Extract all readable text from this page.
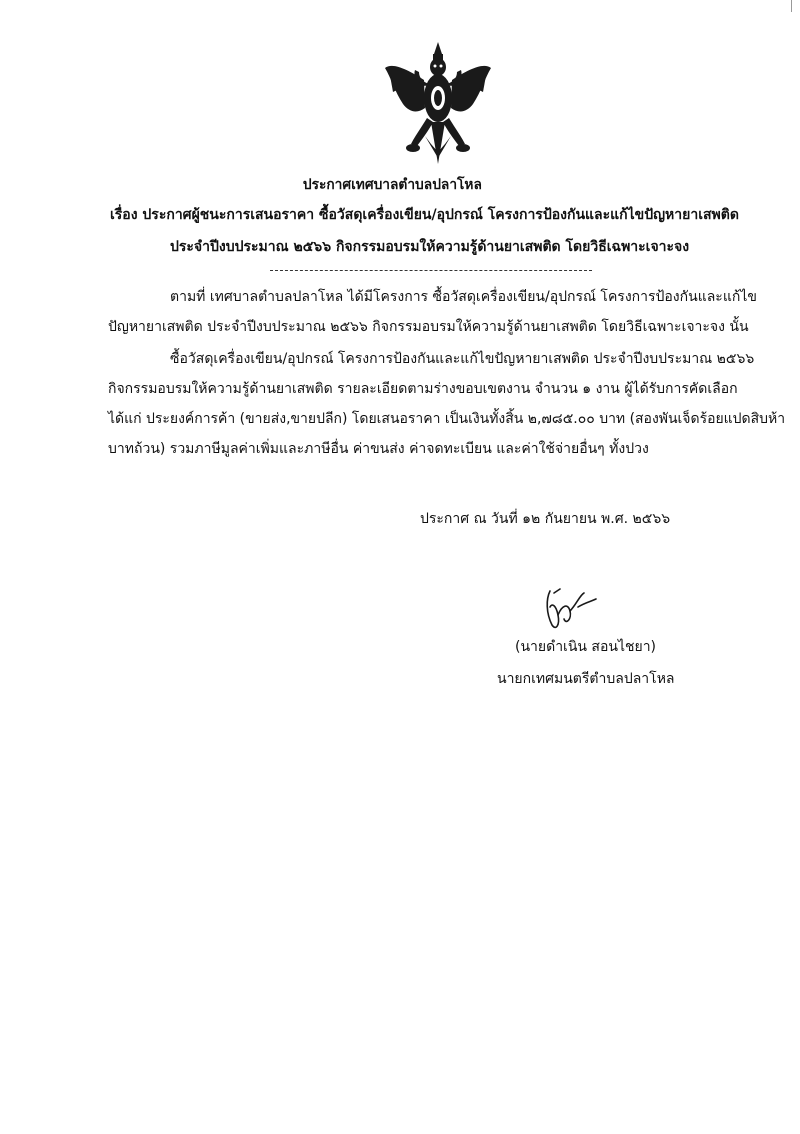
ประกาศเทศบาลตำบลปลาโหล
เรื่อง ประกาศผู้ชนะการเสนอราคา ซื้อวัสดุเครื่องเขียน/อุปกรณ์ โครงการป้องกันและแก้ไขปัญหายาเสพติด
ประจำปีงบประมาณ ๒๕๖๖ กิจกรรมอบรมให้ความรู้ด้านยาเสพติด โดยวิธีเฉพาะเจาะจง
ตามที่ เทศบาลตำบลปลาโหล ได้มีโครงการ ซื้อวัสดุเครื่องเขียน/อุปกรณ์ โครงการป้องกันและแก้ไข
ปัญหายาเสพติด ประจำปีงบประมาณ ๒๕๖๖ กิจกรรมอบรมให้ความรู้ด้านยาเสพติด โดยวิธีเฉพาะเจาะจง นั้น
ซื้อวัสดุเครื่องเขียน/อุปกรณ์ โครงการป้องกันและแก้ไขปัญหายาเสพติด ประจำปีงบประมาณ ๒๕๖๖
กิจกรรมอบรมให้ความรู้ด้านยาเสพติด รายละเอียดตามร่างขอบเขตงาน จำนวน ๑ งาน ผู้ได้รับการคัดเลือก
ได้แก่ ประยงค์การค้า (ขายส่ง,ขายปลีก) โดยเสนอราคา เป็นเงินทั้งสิ้น ๒,๗๘๕.๐๐ บาท (สองพันเจ็ดร้อยแปดสิบห้า
บาทถ้วน) รวมภาษีมูลค่าเพิ่มและภาษีอื่น ค่าขนส่ง ค่าจดทะเบียน และค่าใช้จ่ายอื่นๆ ทั้งปวง
ประกาศ ณ วันที่ ๑๒ กันยายน พ.ศ. ๒๕๖๖
(นายดำเนิน สอนไชยา)
นายกเทศมนตรีตำบลปลาโหล
